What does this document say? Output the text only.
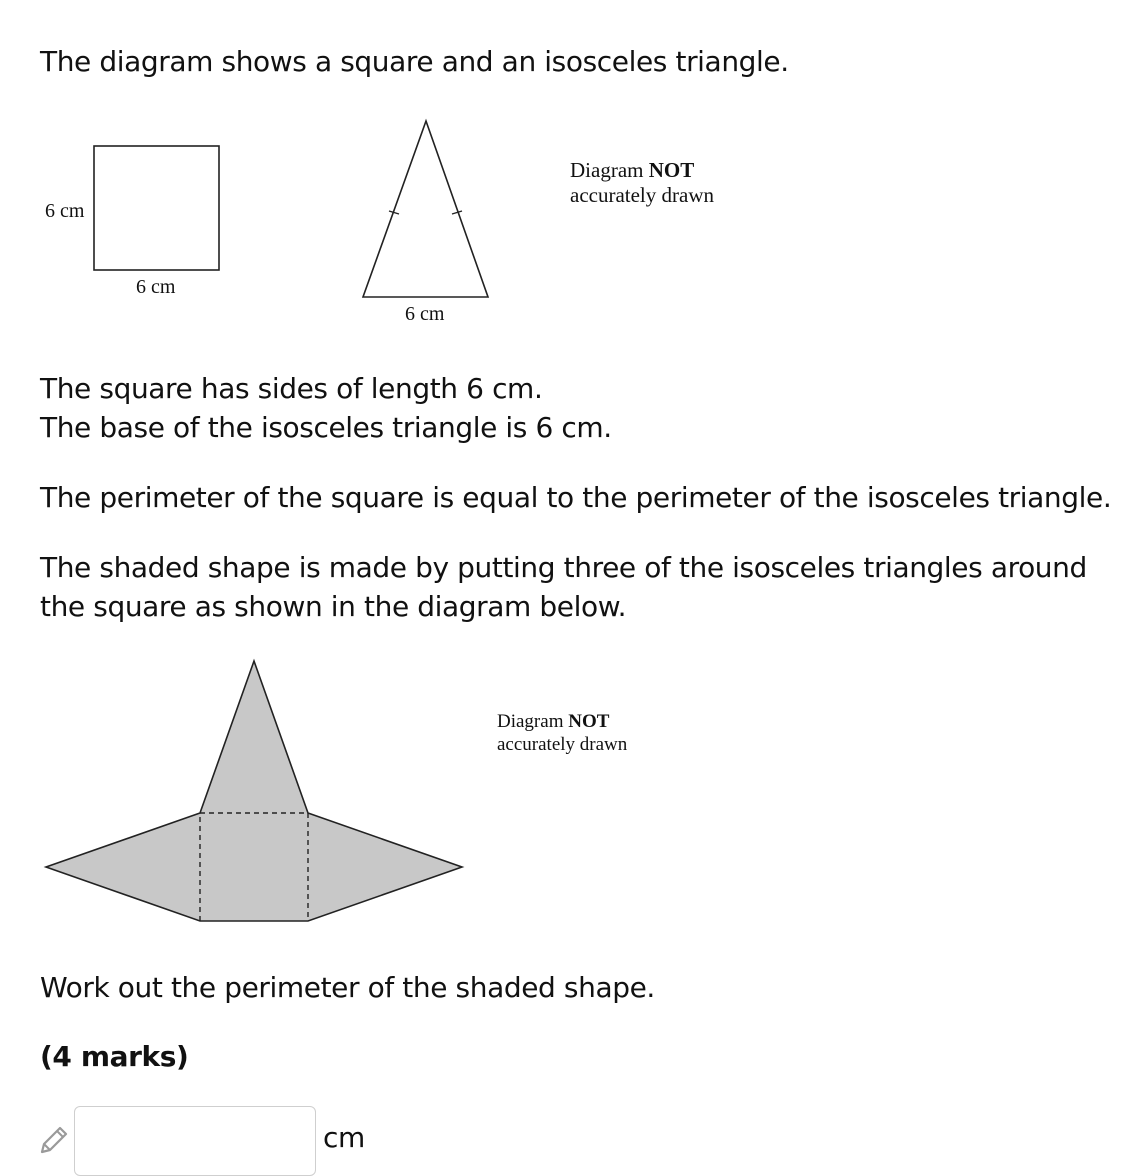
The diagram shows a square and an isosceles triangle.
6 cm
6 cm
6 cm
Diagram NOT
accurately drawn
The square has sides of length 6 cm.
The base of the isosceles triangle is 6 cm.
The perimeter of the square is equal to the perimeter of the isosceles triangle.
The shaded shape is made by putting three of the isosceles triangles around
the square as shown in the diagram below.
Diagram NOT
accurately drawn
Work out the perimeter of the shaded shape.
(4 marks)
cm
